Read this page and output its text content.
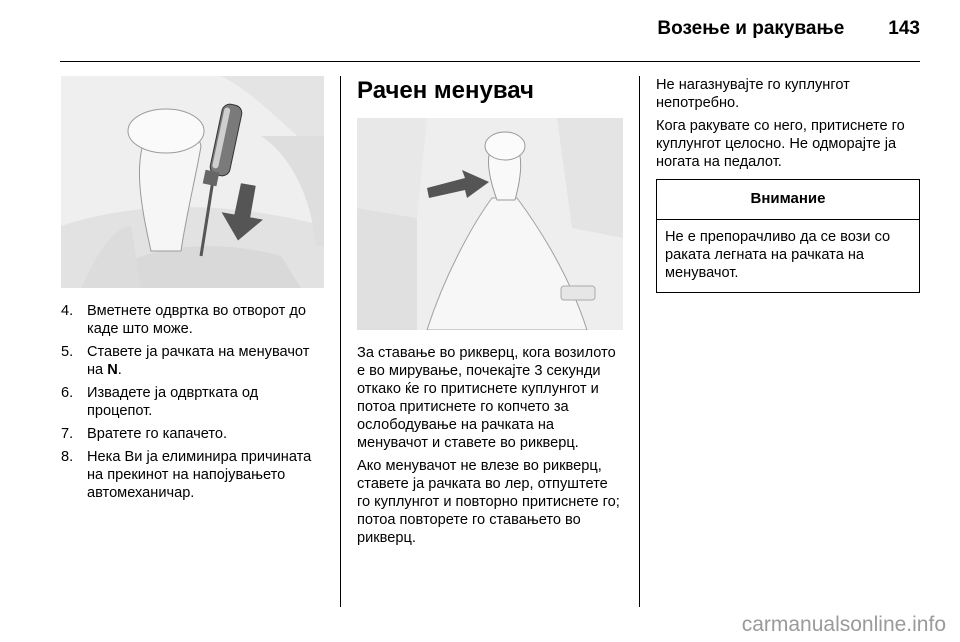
Возење и ракување 143
4. Вметнете одвртка во отворот до каде што може.
5. Ставете ја рачката на менувачот на N.
6. Извадете ја одвртката од процепот.
7. Вратете го капачето.
8. Нека Ви ја елиминира причината на прекинот на напојувањето автомеханичар.
Рачен менувач

За ставање во рикверц, кога возилото е во мирување, почекајте 3 секунди откако ќе го притиснете куплунгот и потоа притиснете го копчето за ослободување на рачката на менувачот и ставете во рикверц.

Ако менувачот не влезе во рикверц, ставете ја рачката во лер, отпуштете го куплунгот и повторно притиснете го; потоа повторете го ставањето во рикверц.

Не нагазнувајте го куплунгот непотребно.

Кога ракувате со него, притиснете го куплунгот целосно. Не одморајте ја ногата на педалот.

Внимание
Не е препорачливо да се вози со раката легната на рачката на менувачот.
carmanualsonline.info
